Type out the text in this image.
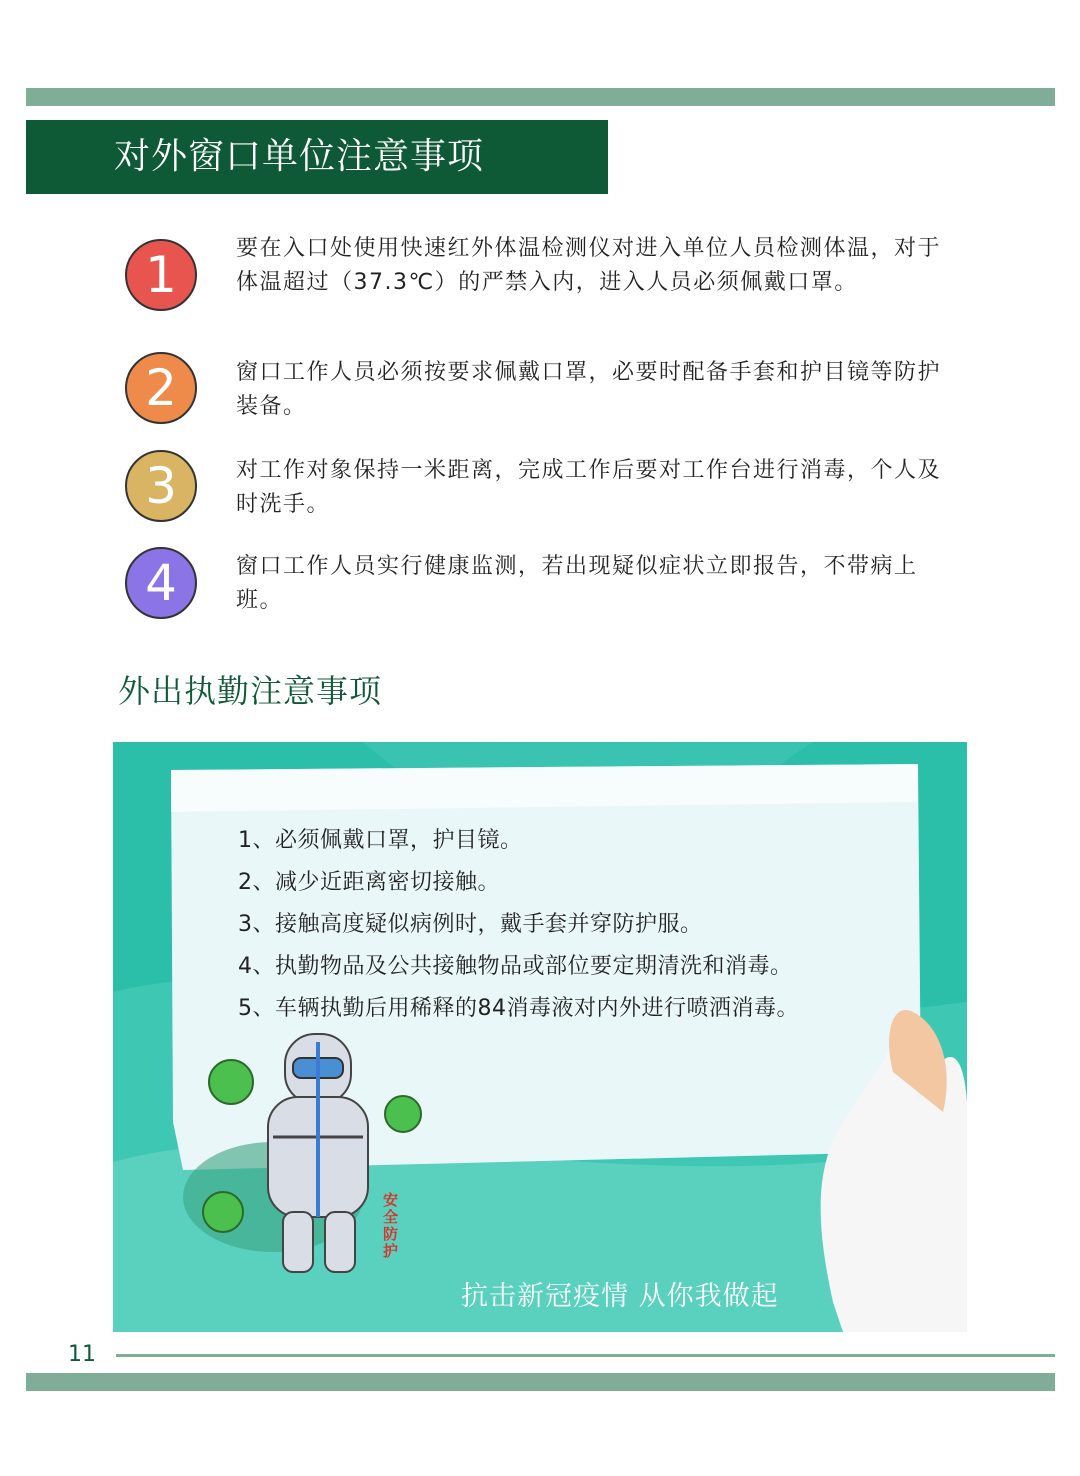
对外窗口单位注意事项
1	要在入口处使用快速红外体温检测仪对进入单位人员检测体温，对于体温超过（37.3℃）的严禁入内，进入人员必须佩戴口罩。
2	窗口工作人员必须按要求佩戴口罩，必要时配备手套和护目镜等防护装备。
3	对工作对象保持一米距离，完成工作后要对工作台进行消毒，个人及时洗手。
4	窗口工作人员实行健康监测，若出现疑似症状立即报告，不带病上班。
外出执勤注意事项
安全防护
1、必须佩戴口罩，护目镜。
2、减少近距离密切接触。
3、接触高度疑似病例时，戴手套并穿防护服。
4、执勤物品及公共接触物品或部位要定期清洗和消毒。
5、车辆执勤后用稀释的84消毒液对内外进行喷洒消毒。
抗击新冠疫情 从你我做起
11
